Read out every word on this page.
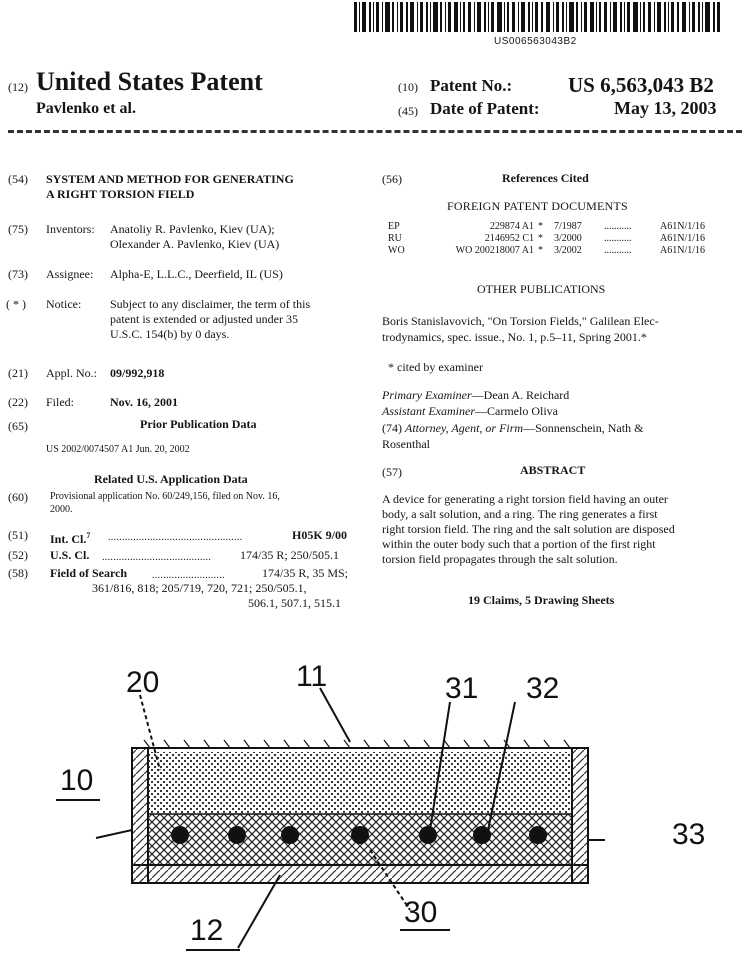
US006563043B2
(12) United States Patent
Pavlenko et al.
(10) Patent No.:	US 6,563,043 B2
(45) Date of Patent:	May 13, 2003
(54) SYSTEM AND METHOD FOR GENERATING
A RIGHT TORSION FIELD
(75) Inventors: Anatoliy R. Pavlenko, Kiev (UA);
Olexander A. Pavlenko, Kiev (UA)
(73) Assignee: Alpha-E, L.L.C., Deerfield, IL (US)
( * ) Notice: Subject to any disclaimer, the term of this
patent is extended or adjusted under 35
U.S.C. 154(b) by 0 days.
(21) Appl. No.: 09/992,918
(22) Filed:	Nov. 16, 2001
(65)	Prior Publication Data
US 2002/0074507 A1 Jun. 20, 2002
Related U.S. Application Data
(60) Provisional application No. 60/249,156, filed on Nov. 16,
2000.
(51) Int. Cl.$^7$ ................................................	H05K 9/00
(52) U.S. Cl. ....................................... 174/35 R; 250/505.1
(58) Field of Search ..........................	174/35 R, 35 MS;
361/816, 818; 205/719, 720, 721; 250/505.1,
506.1, 507.1, 515.1
(56)	References Cited
FOREIGN PATENT DOCUMENTS
EP	229874 A1	*	7/1987	...........	A61N/1/16
RU	2146952 C1	*	3/2000	...........	A61N/1/16
WO	WO 200218007 A1	*	3/2002	...........	A61N/1/16
OTHER PUBLICATIONS
Boris Stanislavovich, "On Torsion Fields," Galilean Elec-
trodynamics, spec. issue., No. 1, p.5–11, Spring 2001.*
* cited by examiner
Primary Examiner—Dean A. Reichard
Assistant Examiner—Carmelo Oliva
(74) Attorney, Agent, or Firm—Sonnenschein, Nath &
Rosenthal
(57)	ABSTRACT
A device for generating a right torsion field having an outer
body, a salt solution, and a ring. The ring generates a first
right torsion field. The ring and the salt solution are disposed
within the outer body such that a portion of the first right
torsion field propagates through the salt solution.
19 Claims, 5 Drawing Sheets
20	11	31 32
10
33
12
30
